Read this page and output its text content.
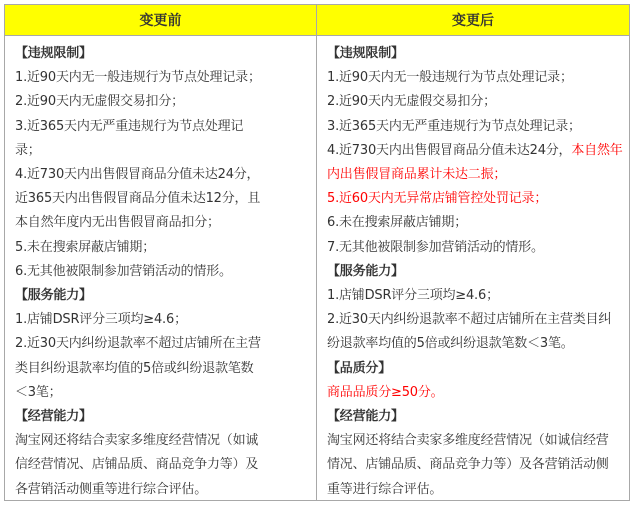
变更前	变更后
【违规限制】
1.近90天内无一般违规行为节点处理记录；
2.近90天内无虚假交易扣分；
3.近365天内无严重违规行为节点处理记
录；
4.近730天内出售假冒商品分值未达24分，
近365天内出售假冒商品分值未达12分，且
本自然年度内无出售假冒商品扣分；
5.未在搜索屏蔽店铺期；
6.无其他被限制参加营销活动的情形。
【服务能力】
1.店铺DSR评分三项均≥4.6；
2.近30天内纠纷退款率不超过店铺所在主营
类目纠纷退款率均值的5倍或纠纷退款笔数
＜3笔；
【经营能力】
淘宝网还将结合卖家多维度经营情况（如诚
信经营情况、店铺品质、商品竞争力等）及
各营销活动侧重等进行综合评估。
【违规限制】
1.近90天内无一般违规行为节点处理记录；
2.近90天内无虚假交易扣分；
3.近365天内无严重违规行为节点处理记录；
4.近730天内出售假冒商品分值未达24分，本自然年
内出售假冒商品累计未达二振；
5.近60天内无异常店铺管控处罚记录；
6.未在搜索屏蔽店铺期；
7.无其他被限制参加营销活动的情形。
【服务能力】
1.店铺DSR评分三项均≥4.6；
2.近30天内纠纷退款率不超过店铺所在主营类目纠
纷退款率均值的5倍或纠纷退款笔数＜3笔。
【品质分】
商品品质分≥50分。
【经营能力】
淘宝网还将结合卖家多维度经营情况（如诚信经营
情况、店铺品质、商品竞争力等）及各营销活动侧
重等进行综合评估。
